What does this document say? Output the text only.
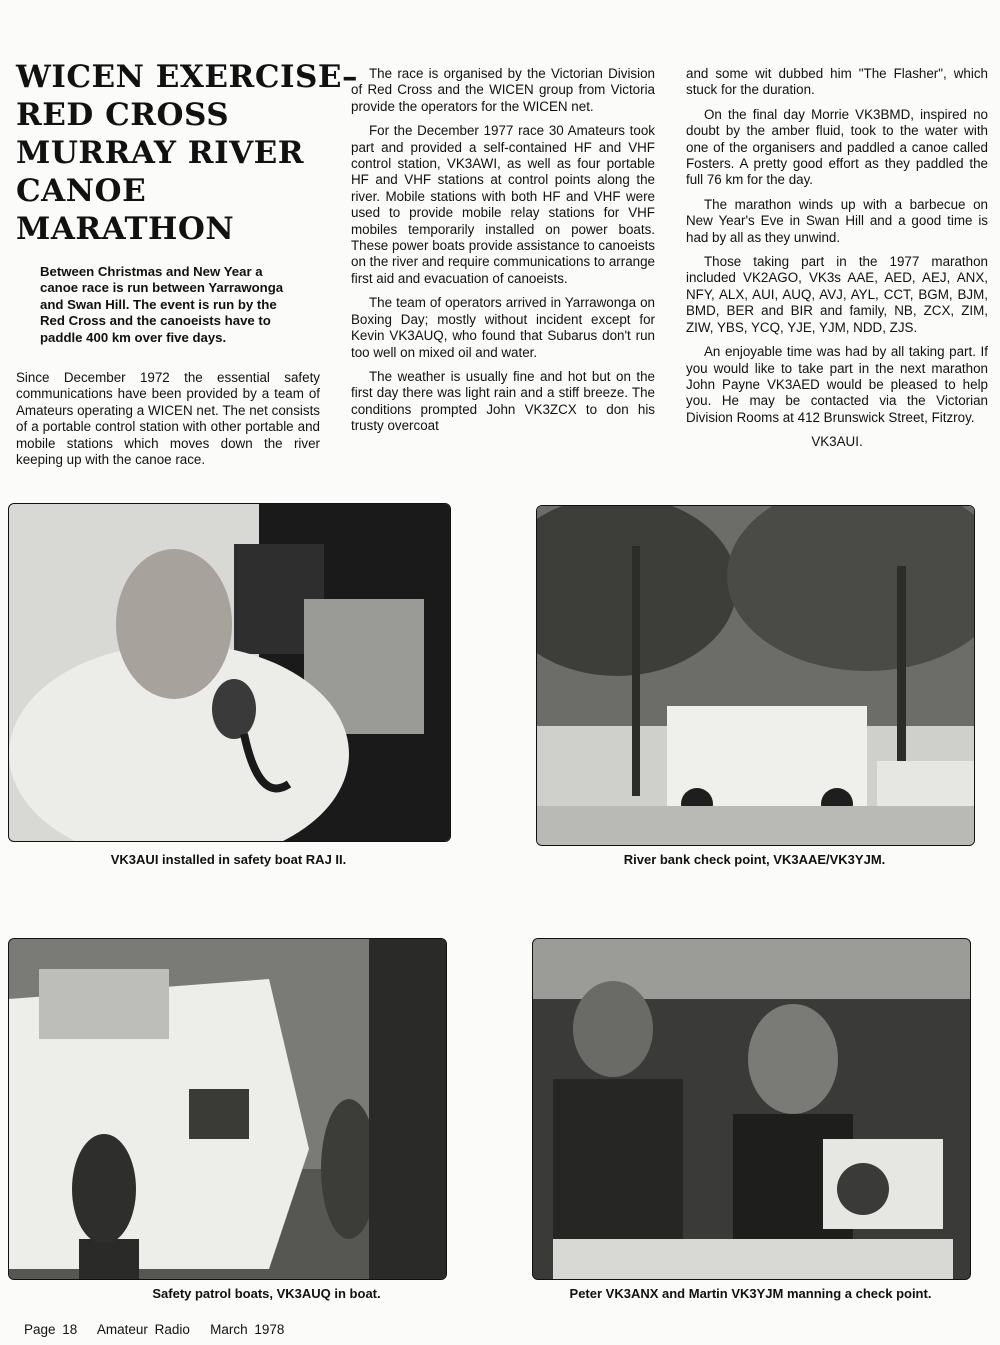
WICEN EXERCISE–
RED CROSS
MURRAY RIVER
CANOE
MARATHON

Between Christmas and New Year a canoe race is run between Yarrawonga and Swan Hill. The event is run by the Red Cross and the canoeists have to paddle 400 km over five days.

Since December 1972 the essential safety communications have been provided by a team of Amateurs operating a WICEN net. The net consists of a portable control station with other portable and mobile stations which moves down the river keeping up with the canoe race.

The race is organised by the Victorian Division of Red Cross and the WICEN group from Victoria provide the operators for the WICEN net.

For the December 1977 race 30 Amateurs took part and provided a self-contained HF and VHF control station, VK3AWI, as well as four portable HF and VHF stations at control points along the river. Mobile stations with both HF and VHF were used to provide mobile relay stations for VHF mobiles temporarily installed on power boats. These power boats provide assistance to canoeists on the river and require communications to arrange first aid and evacuation of canoeists.

The team of operators arrived in Yarrawonga on Boxing Day; mostly without incident except for Kevin VK3AUQ, who found that Subarus don't run too well on mixed oil and water.

The weather is usually fine and hot but on the first day there was light rain and a stiff breeze. The conditions prompted John VK3ZCX to don his trusty overcoat

and some wit dubbed him "The Flasher", which stuck for the duration.

On the final day Morrie VK3BMD, inspired no doubt by the amber fluid, took to the water with one of the organisers and paddled a canoe called Fosters. A pretty good effort as they paddled the full 76 km for the day.

The marathon winds up with a barbecue on New Year's Eve in Swan Hill and a good time is had by all as they unwind.

Those taking part in the 1977 marathon included VK2AGO, VK3s AAE, AED, AEJ, ANX, NFY, ALX, AUI, AUQ, AVJ, AYL, CCT, BGM, BJM, BMD, BER and BIR and family, NB, ZCX, ZIM, ZIW, YBS, YCQ, YJE, YJM, NDD, ZJS.

An enjoyable time was had by all taking part. If you would like to take part in the next marathon John Payne VK3AED would be pleased to help you. He may be contacted via the Victorian Division Rooms at 412 Brunswick Street, Fitzroy.

VK3AUI.
VK3AUI installed in safety boat RAJ II.	River bank check point, VK3AAE/VK3YJM.
Safety patrol boats, VK3AUQ in boat.	Peter VK3ANX and Martin VK3YJM manning a check point.
Page 18 Amateur Radio March 1978
